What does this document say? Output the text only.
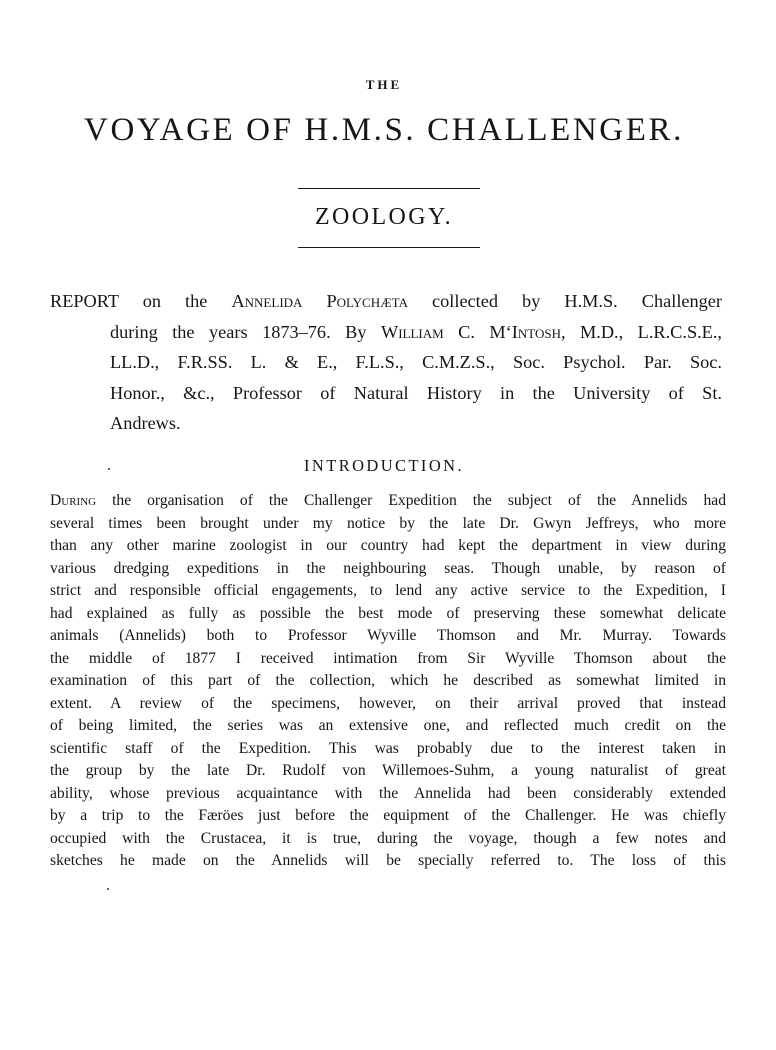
THE
VOYAGE OF H.M.S. CHALLENGER.
ZOOLOGY.
REPORT on the Annelida Polychæta collected by H.M.S. Challenger
during the years 1873–76. By William C. M‘Intosh, M.D., L.R.C.S.E.,
LL.D., F.R.SS. L. & E., F.L.S., C.M.Z.S., Soc. Psychol. Par. Soc.
Honor., &c., Professor of Natural History in the University of St.
Andrews.
INTRODUCTION.
During the organisation of the Challenger Expedition the subject of the Annelids had
several times been brought under my notice by the late Dr. Gwyn Jeffreys, who more
than any other marine zoologist in our country had kept the department in view during
various dredging expeditions in the neighbouring seas. Though unable, by reason of
strict and responsible official engagements, to lend any active service to the Expedition, I
had explained as fully as possible the best mode of preserving these somewhat delicate
animals (Annelids) both to Professor Wyville Thomson and Mr. Murray. Towards
the middle of 1877 I received intimation from Sir Wyville Thomson about the
examination of this part of the collection, which he described as somewhat limited in
extent. A review of the specimens, however, on their arrival proved that instead
of being limited, the series was an extensive one, and reflected much credit on the
scientific staff of the Expedition. This was probably due to the interest taken in
the group by the late Dr. Rudolf von Willemoes-Suhm, a young naturalist of great
ability, whose previous acquaintance with the Annelida had been considerably extended
by a trip to the Færöes just before the equipment of the Challenger. He was chiefly
occupied with the Crustacea, it is true, during the voyage, though a few notes and
sketches he made on the Annelids will be specially referred to. The loss of this
